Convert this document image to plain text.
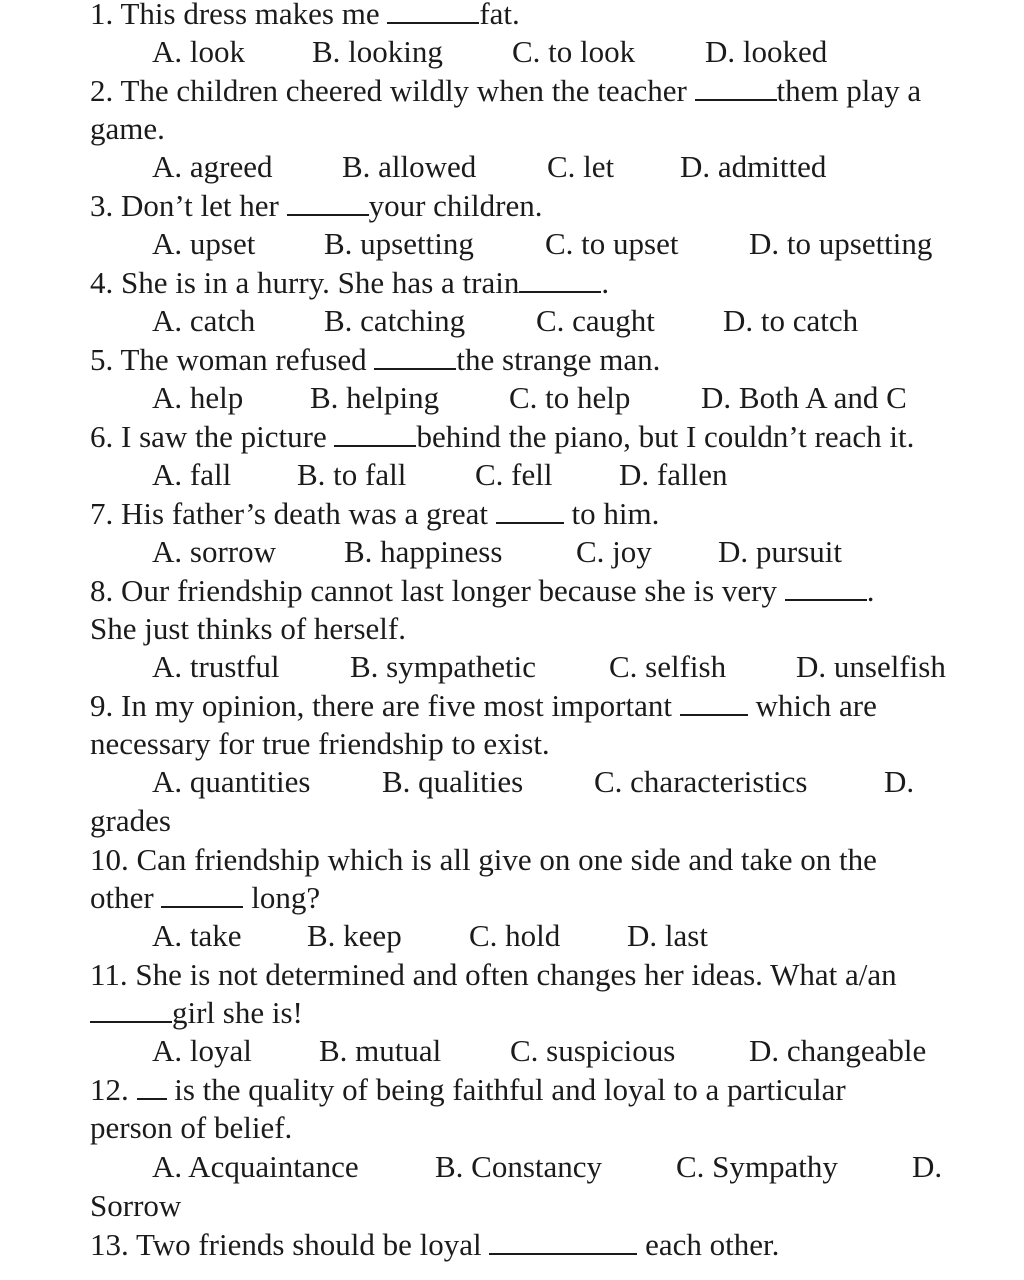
1. This dress makes me	fat.
A. look B. looking C. to look D. looked
2. The children cheered wildly when the teacher	them play a
game.
A. agreed B. allowed C. let D. admitted
3. Don’t let her	your children.
A. upset B. upsetting C. to upset D. to upsetting
4. She is in a hurry. She has a train	.
A. catch B. catching C. caught D. to catch
5. The woman refused	the strange man.
A. help B. helping C. to help D. Both A and C
6. I saw the picture	behind the piano, but I couldn’t reach it.
A. fall B. to fall C. fell D. fallen
7. His father’s death was a great	to him.
A. sorrow B. happiness C. joy D. pursuit
8. Our friendship cannot last longer because she is very	.
She just thinks of herself.
A. trustful B. sympathetic C. selfish D. unselfish
9. In my opinion, there are five most important	which are
necessary for true friendship to exist.
A. quantities B. qualities C. characteristics D.
grades
10. Can friendship which is all give on one side and take on the
other	long?
A. take B. keep C. hold D. last
11. She is not determined and often changes her ideas. What a/an
girl she is!
A. loyal B. mutual C. suspicious D. changeable
12. is the quality of being faithful and loyal to a particular
person of belief.
A. Acquaintance B. Constancy C. Sympathy D.
Sorrow
13. Two friends should be loyal	each other.
